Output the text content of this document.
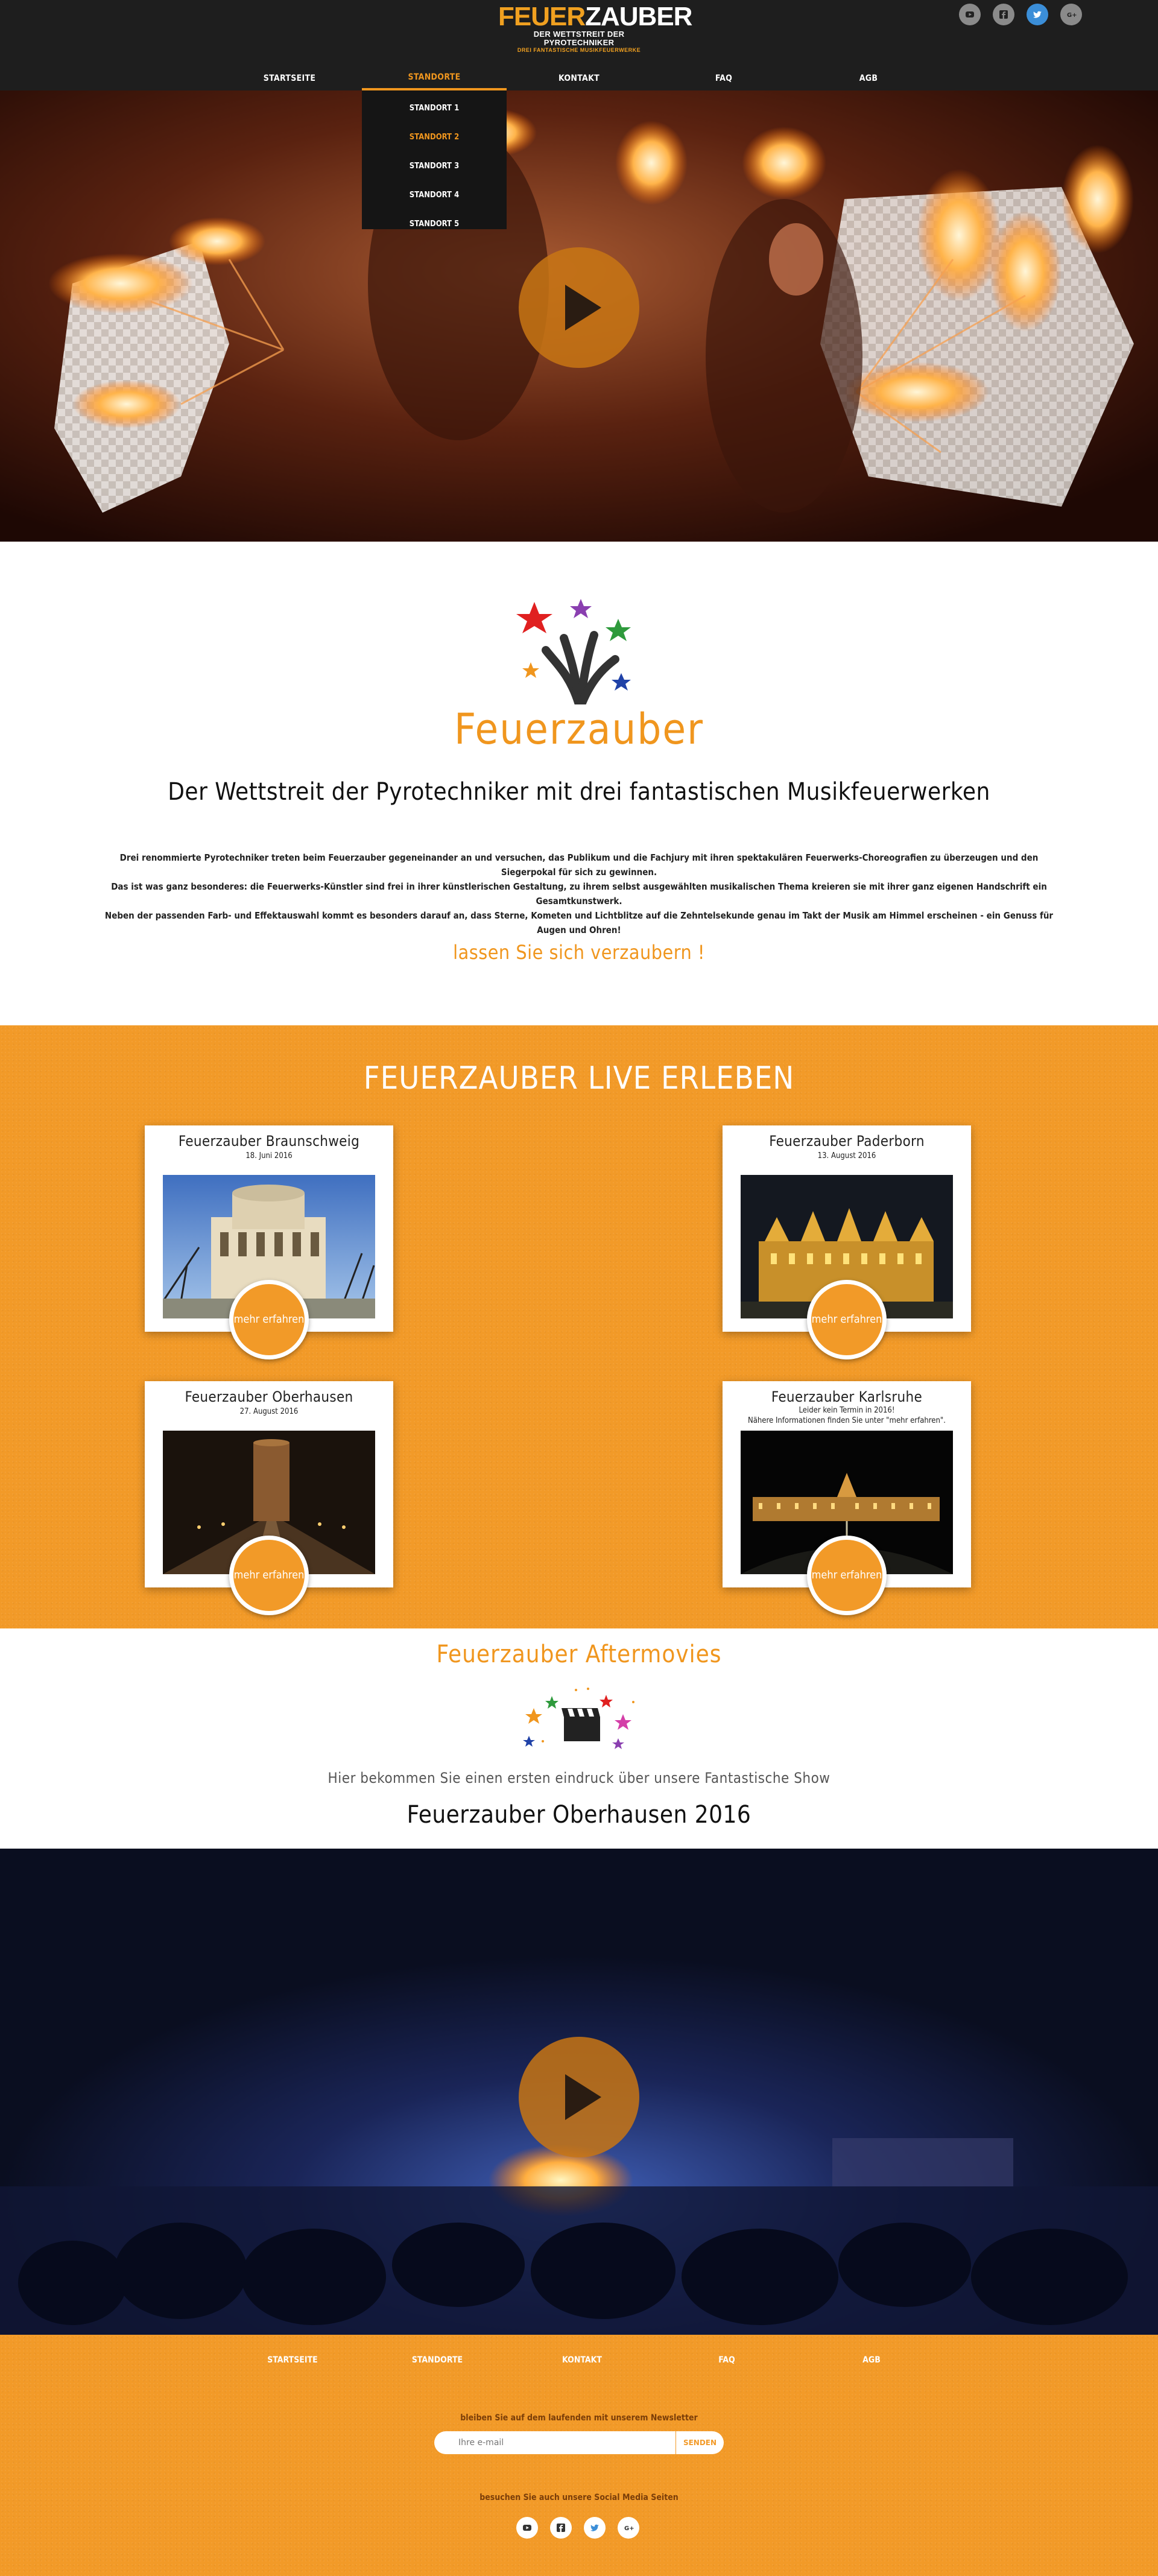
FEUERZAUBER
DER WETTSTREIT DER PYROTECHNIKER
DREI FANTASTISCHE MUSIKFEUERWERKE
G+
STARTSEITE	STANDORTE	KONTAKT	FAQ	AGB
STANDORT 1
STANDORT 2
STANDORT 3
STANDORT 4
STANDORT 5
Feuerzauber
Der Wettstreit der Pyrotechniker mit drei fantastischen Musikfeuerwerken
Drei renommierte Pyrotechniker treten beim Feuerzauber gegeneinander an und versuchen, das Publikum und die Fachjury mit ihren spektakulären Feuerwerks-Choreografien zu überzeugen und den Siegerpokal für sich zu gewinnen.
Das ist was ganz besonderes: die Feuerwerks-Künstler sind frei in ihrer künstlerischen Gestaltung, zu ihrem selbst ausgewählten musikalischen Thema kreieren sie mit ihrer ganz eigenen Handschrift ein Gesamtkunstwerk.
Neben der passenden Farb- und Effektauswahl kommt es besonders darauf an, dass Sterne, Kometen und Lichtblitze auf die Zehntelsekunde genau im Takt der Musik am Himmel erscheinen - ein Genuss für Augen und Ohren!
lassen Sie sich verzaubern !
FEUERZAUBER LIVE ERLEBEN
Feuerzauber Braunschweig
18. Juni 2016
mehr erfahren
Feuerzauber Paderborn
13. August 2016
mehr erfahren
Feuerzauber Oberhausen
27. August 2016
mehr erfahren
Feuerzauber Karlsruhe
Leider kein Termin in 2016!
Nähere Informationen finden Sie unter "mehr erfahren".
mehr erfahren
Feuerzauber Aftermovies
Hier bekommen Sie einen ersten eindruck über unsere Fantastische Show
Feuerzauber Oberhausen 2016
STARTSEITE	STANDORTE	KONTAKT	FAQ	AGB
bleiben Sie auf dem laufenden mit unserem Newsletter
Ihre e-mail
SENDEN
besuchen Sie auch unsere Social Media Seiten
G+
